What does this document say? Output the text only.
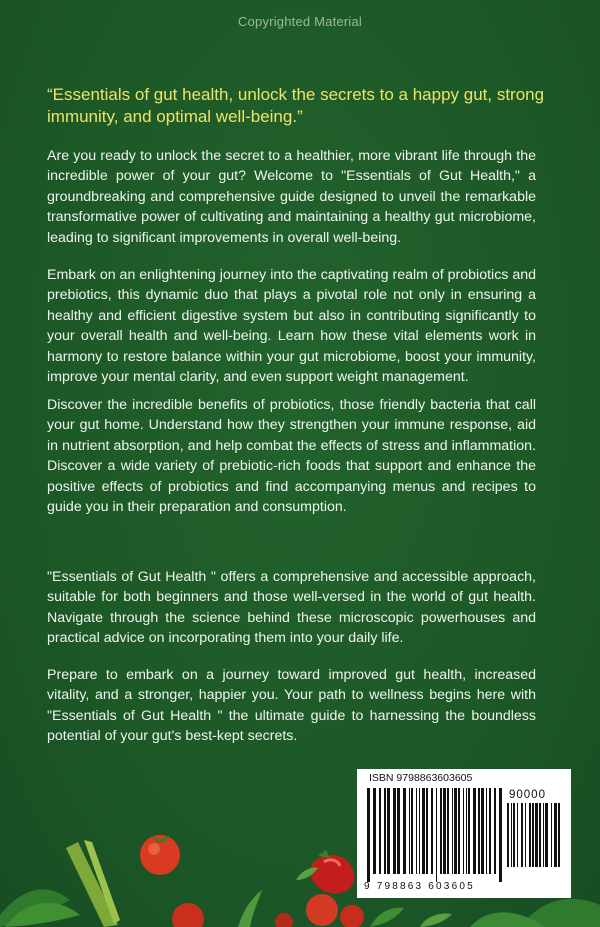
Copyrighted Material
“Essentials of gut health, unlock the secrets to a happy gut, strong immunity, and optimal well-being.”
Are you ready to unlock the secret to a healthier, more vibrant life through the incredible power of your gut? Welcome to "Essentials of Gut Health," a groundbreaking and comprehensive guide designed to unveil the remarkable transformative power of cultivating and maintaining a healthy gut microbiome, leading to significant improvements in overall well-being.
Embark on an enlightening journey into the captivating realm of probiotics and prebiotics, this dynamic duo that plays a pivotal role not only in ensuring a healthy and efficient digestive system but also in contributing significantly to your overall health and well-being. Learn how these vital elements work in harmony to restore balance within your gut microbiome, boost your immunity, improve your mental clarity, and even support weight management.
Discover the incredible benefits of probiotics, those friendly bacteria that call your gut home. Understand how they strengthen your immune response, aid in nutrient absorption, and help combat the effects of stress and inflammation. Discover a wide variety of prebiotic-rich foods that support and enhance the positive effects of probiotics and find accompanying menus and recipes to guide you in their preparation and consumption.
"Essentials of Gut Health " offers a comprehensive and accessible approach, suitable for both beginners and those well-versed in the world of gut health. Navigate through the science behind these microscopic powerhouses and practical advice on incorporating them into your daily life.
Prepare to embark on a journey toward improved gut health, increased vitality, and a stronger, happier you. Your path to wellness begins here with "Essentials of Gut Health " the ultimate guide to harnessing the boundless potential of your gut's best-kept secrets.
ISBN 9798863603605
90000
9 798863 603605
